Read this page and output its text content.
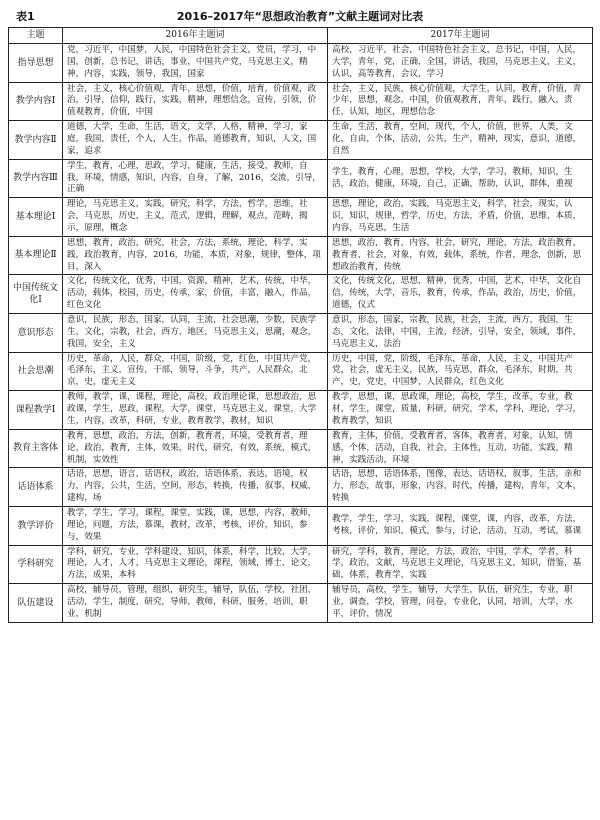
表1	2016–2017年“思想政治教育”文献主题词对比表
主题	2016年主题词	2017年主题词
指导思想	党，习近平，中国梦，人民，中国特色社会主义，党员，学习，中国，创新，总书记，讲话，事业，中国共产党，马克思主义，精神，内容，实践，领导，我国，国家	高校，习近平，社会，中国特色社会主义，总书记，中国，人民，大学，青年，党，正确，全国，讲话，我国，马克思主义，主义，认识，高等教育，会议，学习
教学内容Ⅰ	社会，主义，核心价值观，青年，思想，价值，培育，价值观，政治，引导，信仰，践行，实践，精神，理想信念，宣传，引领，价值观教育，价值，中国	社会，主义，民族，核心价值观，大学生，认同，教育，价值，青少年，思想，观念，中国，价值观教育，青年，践行，融入，责任，认知，地区，理想信念
教学内容Ⅱ	道德，大学，生命，生活，语文，文学，人格，精神，学习，家庭，我国，责任，个人，人生，作品，道德教育，知识，人文，国家，追求	生命，生活，教育，空间，现代，个人，价值，世界，人类，文化，自由，个体，活动，公共，生产，精神，现实，意识，道德，自然
教学内容Ⅲ	学生，教育，心理，思政，学习，健康，生活，接受，教师，自我，环境，情感，知识，内容，自身，了解，2016，交流，引导，正确	学生，教育，心理，思想，学校，大学，学习，教师，知识，生活，政治，健康，环境，自己，正确，帮助，认识，群体，重视
基本理论Ⅰ	理论，马克思主义，实践，研究，科学，方法，哲学，思维，社会，马克思，历史，主义，范式，逻辑，理解，观点，范畴，揭示，原理，概念	思想，理论，政治，实践，马克思主义，科学，社会，现实，认识，知识，规律，哲学，历史，方法，矛盾，价值，思维，本质，内容，马克思，生活
基本理论Ⅱ	思想，教育，政治，研究，社会，方法，系统，理论，科学，实践，政治教育，内容，2016，功能，本质，对象，规律，整体，项目，深入	思想，政治，教育，内容，社会，研究，理论，方法，政治教育，教育者，社会，对象，有效，载体，系统，作者，理念，创新，思想政治教育，传统
中国传统文化Ⅰ	文化，传统文化，优秀，中国，资源，精神，艺术，传统，中华，活动，载体，校园，历史，传承，家，价值，丰富，融入，作品，红色文化	文化，传统文化，思想，精神，优秀，中国，艺术，中华，文化自信，传统，大学，音乐，教育，传承，作品，政治，历史，价值，道德，仪式
意识形态	意识，民族，形态，国家，认同，主流，社会思潮，少数，民族学生，文化，宗教，社会，西方，地区，马克思主义，思潮，观念，我国，安全，主义	意识，形态，国家，宗教，民族，社会，主流，西方，我国，生态，文化，法律，中国，主流，经济，引导，安全，领域，事件，马克思主义，法治
社会思潮	历史，革命，人民，群众，中国，阶级，党，红色，中国共产党，毛泽东，主义，宣传，干部，领导，斗争，共产，人民群众，北京，史，虚无主义	历史，中国，党，阶级，毛泽东，革命，人民，主义，中国共产党，社会，虚无主义，民族，马克思，群众，毛泽东，时期，共产，史，党史，中国梦，人民群众，红色文化
课程教学Ⅰ	教师，教学，课，课程，理论，高校，政治理论课，思想政治，思政课，学生，思政，课程，大学，课堂，马克思主义，课堂，大学生，内容，改革，科研，专业，教育教学，教材，知识	教学，思想，课，思政课，理论，高校，学生，改革，专业，教材，学生，课堂，质量，科研，研究，学术，学科，理论，学习，教育教学，知识
教育主客体	教育，思想，政治，方法，创新，教育者，环境，受教育者，理论，政治，教育，主体，效果，时代，研究，有效，系统，模式，机制，实效性	教育，主体，价值，受教育者，客体，教育者，对象，认知，情感，个体，活动，自我，社会，主体性，互动，功能，实践，精神，实践活动，环境
话语体系	话语，思想，语言，话语权，政治，话语体系，表达，语境，权力，内容，公共，生活，空间，形态，转换，传播，叙事，权威，建构，场	话语，思想，话语体系，图像，表达，话语权，叙事，生活，亲和力，形态，故事，形象，内容，时代，传播，建构，青年，文本，转换
教学评价	教学，学生，学习，课程，课堂，实践，课，思想，内容，教师，理论，问题，方法，慕课，教材，改革，考核，评价，知识，参与，效果	教学，学生，学习，实践，课程，课堂，课，内容，改革，方法，考核，评价，知识，模式，参与，讨论，活动，互动，考试，慕课
学科研究	学科，研究，专业，学科建设，知识，体系，科学，比较，大学，理论，人才，人才，马克思主义理论，课程，领域，博士，论文，方法，成果，本科	研究，学科，教育，理论，方法，政治，中国，学术，学者，科学，政治，文献，马克思主义理论，马克思主义，知识，借鉴，基础，体系，教育学，实践
队伍建设	高校，辅导员，管理，组织，研究生，辅导，队伍，学校，社团，活动，学生，制度，研究，导师，教师，科研，服务，培训，职业，机制	辅导员，高校，学生，辅导，大学生，队伍，研究生，专业，职业，调查，学校，管理，问卷，专业化，认同，培训，大学，水平，评价，情况
